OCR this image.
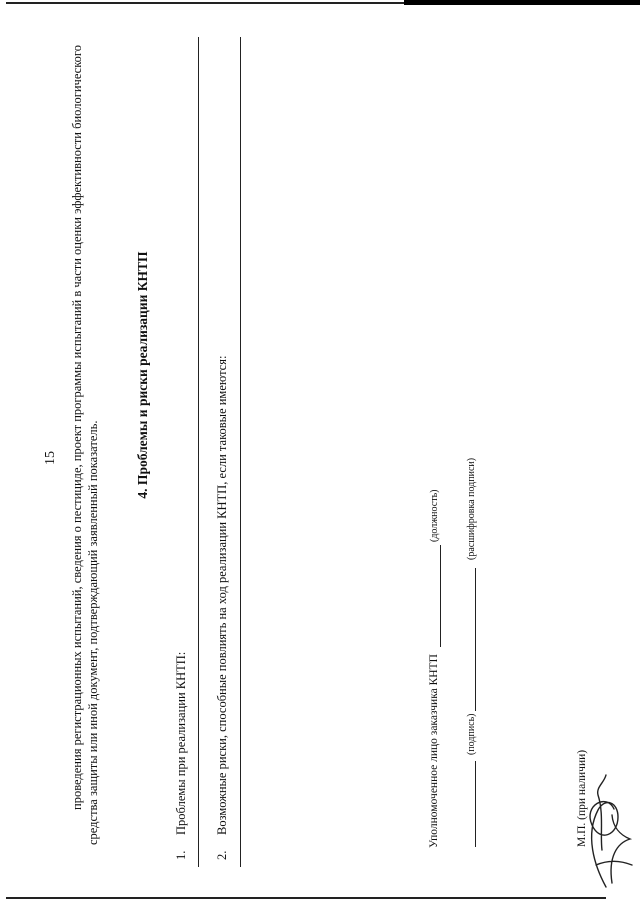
15 проведения регистрационных испытаний, сведения о пестициде, проект программы испытаний в части оценки эффективности биологического средства защиты или иной документ, подтверждающий заявленный показатель.
4. Проблемы и риски реализации КНТП
1.Проблемы при реализации КНТП:
2.Возможные риски, способные повлиять на ход реализации КНТП, если таковые имеются:	Уполномоченное лицо заказчика КНТП
(должность)
(подпись)
(расшифровка подписи)
М.П. (при наличии)
